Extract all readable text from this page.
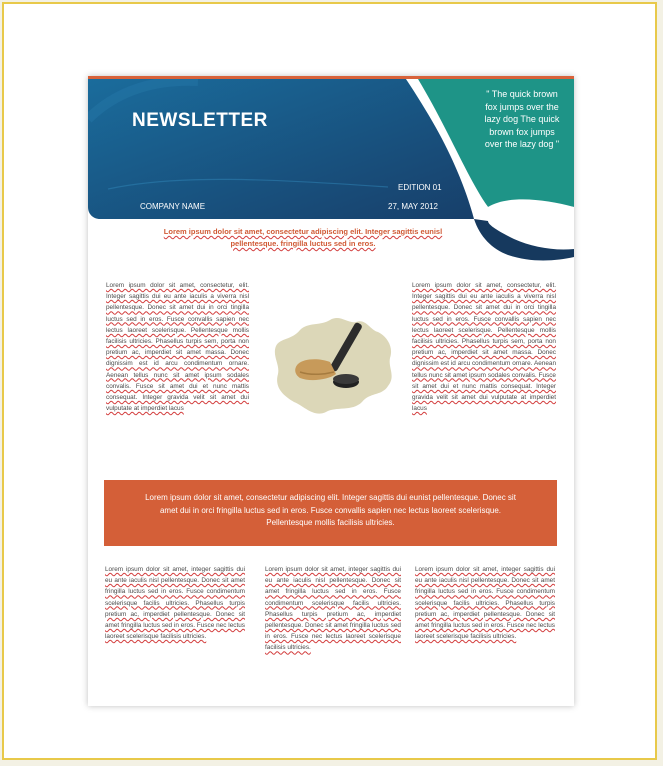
NEWSLETTER
EDITION 01
COMPANY NAME	27, MAY 2012
" The quick brown fox jumps over the lazy dog The quick brown fox jumps over the lazy dog "
Lorem ipsum dolor sit amet, consectetur adipiscing elit. Integer sagittis eunisl pellentesque. fringilla luctus sed in eros.
Lorem ipsum dolor sit amet, consectetur, elit. Integer sagittis dui eu ante iaculis a viverra nisl pellentesque. Donec sit amet dui in orci tingilla luctus sed in eros. Fusce convallis sapien nec lectus laoreet scelerisque. Pellentesque mollis facilisis ultricies. Phasellus turpis sem, porta non pretium ac, imperdiet sit amet massa. Donec dignissim est id arcu condimentum ornare. Aenean tellus nunc sit amet ipsum sodales convalis. Fusce sit amet dui et nunc mattis consequat. Integer gravida velit sit amet dui vulputate at imperdiet lacus
Lorem ipsum dolor sit amet, consectetur, elit. Integer sagittis dui eu ante iaculis a viverra nisl pellentesque. Donec sit amet dui in orci tingilla luctus sed in eros. Fusce convallis sapien nec lectus laoreet scelerisque. Pellentesque mollis facilisis ultricies. Phasellus turpis sem, porta non pretium ac, imperdiet sit amet massa. Donec dignissim est id arcu condimentum ornare. Aenean tellus nunc sit amet ipsum sodales convalis. Fusce sit amet dui et nunc mattis consequat. Integer gravida velit sit amet dui vulputate at imperdiet lacus
Lorem ipsum dolor sit amet, consectetur adipiscing elit. Integer sagittis dui eunist pellentesque. Donec sit amet dui in orci fringilla luctus sed in eros. Fusce convallis sapien nec lectus laoreet scelerisque. Pellentesque mollis facilisis ultricies.
Lorem ipsum dolor sit amet, integer sagittis dui eu ante iaculis nisl pellentesque. Donec sit amet fringilla luctus sed in eros. Fusce condimentum scelerisque facilis ultricies. Phasellus turpis pretium ac, imperdiet pellentesque. Donec sit amet fringilla luctus sed in eros. Fusce nec lectus laoreet scelerisque facilisis ultricies.
Lorem ipsum dolor sit amet, integer sagittis dui eu ante iaculis nisl pellentesque. Donec sit amet fringilla luctus sed in eros. Fusce condimentum scelerisque facilis ultricies. Phasellus turpis pretium ac, imperdiet pellentesque. Donec sit amet fringilla luctus sed in eros. Fusce nec lectus laoreet scelerisque facilisis ultricies.
Lorem ipsum dolor sit amet, integer sagittis dui eu ante iaculis nisl pellentesque. Donec sit amet fringilla luctus sed in eros. Fusce condimentum scelerisque facilis ultricies. Phasellus turpis pretium ac, imperdiet pellentesque. Donec sit amet fringilla luctus sed in eros. Fusce nec lectus laoreet scelerisque facilisis ultricies.
